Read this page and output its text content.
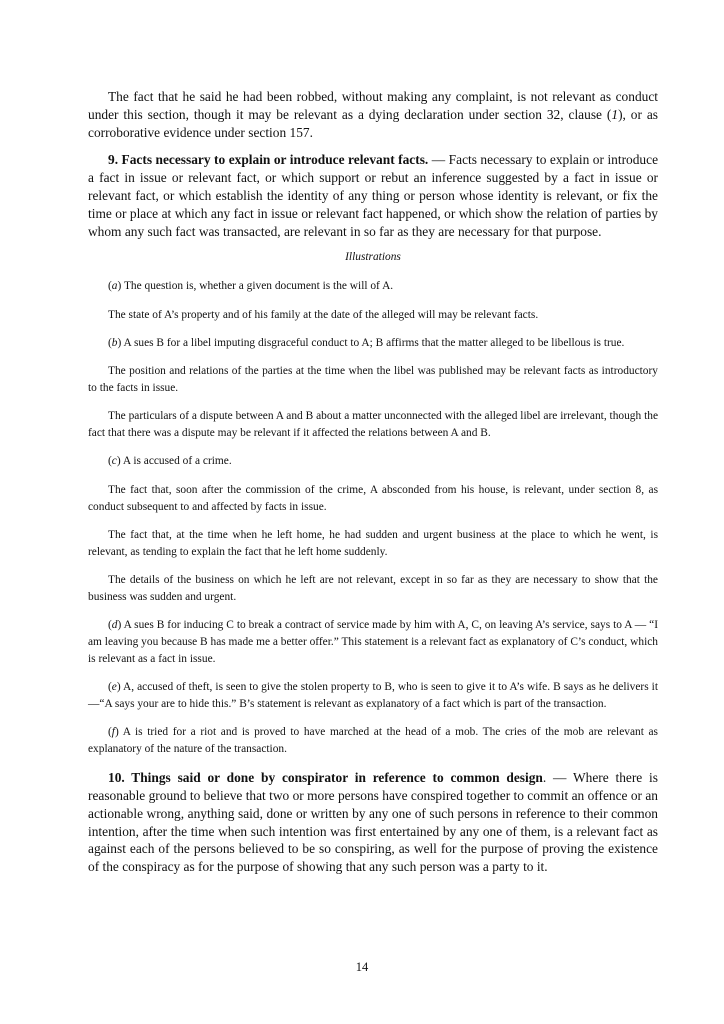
The fact that he said he had been robbed, without making any complaint, is not relevant as conduct under this section, though it may be relevant as a dying declaration under section 32, clause (1), or as corroborative evidence under section 157.

9. Facts necessary to explain or introduce relevant facts. — Facts necessary to explain or introduce a fact in issue or relevant fact, or which support or rebut an inference suggested by a fact in issue or relevant fact, or which establish the identity of any thing or person whose identity is relevant, or fix the time or place at which any fact in issue or relevant fact happened, or which show the relation of parties by whom any such fact was transacted, are relevant in so far as they are necessary for that purpose.

Illustrations

(a) The question is, whether a given document is the will of A.

The state of A’s property and of his family at the date of the alleged will may be relevant facts.

(b) A sues B for a libel imputing disgraceful conduct to A; B affirms that the matter alleged to be libellous is true.

The position and relations of the parties at the time when the libel was published may be relevant facts as introductory to the facts in issue.

The particulars of a dispute between A and B about a matter unconnected with the alleged libel are irrelevant, though the fact that there was a dispute may be relevant if it affected the relations between A and B.

(c) A is accused of a crime.

The fact that, soon after the commission of the crime, A absconded from his house, is relevant, under section 8, as conduct subsequent to and affected by facts in issue.

The fact that, at the time when he left home, he had sudden and urgent business at the place to which he went, is relevant, as tending to explain the fact that he left home suddenly.

The details of the business on which he left are not relevant, except in so far as they are necessary to show that the business was sudden and urgent.

(d) A sues B for inducing C to break a contract of service made by him with A, C, on leaving A’s service, says to A — “I am leaving you because B has made me a better offer.” This statement is a relevant fact as explanatory of C’s conduct, which is relevant as a fact in issue.

(e) A, accused of theft, is seen to give the stolen property to B, who is seen to give it to A’s wife. B says as he delivers it—“A says your are to hide this.” B’s statement is relevant as explanatory of a fact which is part of the transaction.

(f) A is tried for a riot and is proved to have marched at the head of a mob. The cries of the mob are relevant as explanatory of the nature of the transaction.

10. Things said or done by conspirator in reference to common design. — Where there is reasonable ground to believe that two or more persons have conspired together to commit an offence or an actionable wrong, anything said, done or written by any one of such persons in reference to their common intention, after the time when such intention was first entertained by any one of them, is a relevant fact as against each of the persons believed to be so conspiring, as well for the purpose of proving the existence of the conspiracy as for the purpose of showing that any such person was a party to it.

14
